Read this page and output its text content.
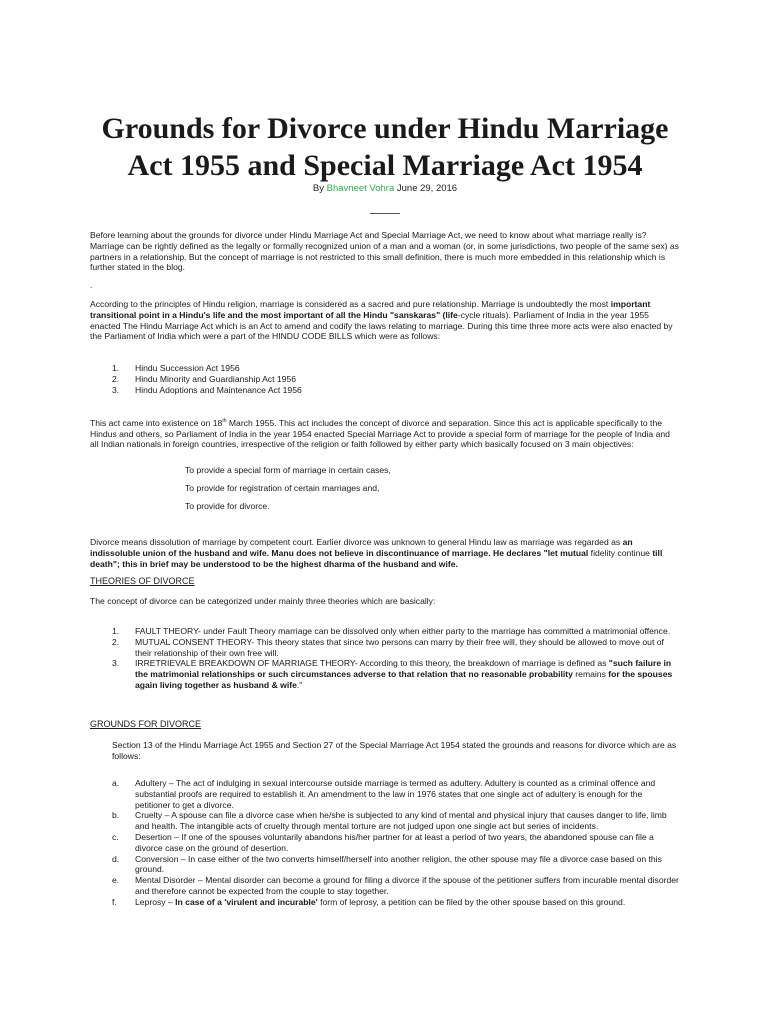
Grounds for Divorce under Hindu Marriage Act 1955 and Special Marriage Act 1954
By Bhavneet Vohra June 29, 2016

Before learning about the grounds for divorce under Hindu Marriage Act and Special Marriage Act, we need to know about what marriage really is? Marriage can be rightly defined as the legally or formally recognized union of a man and a woman (or, in some jurisdictions, two people of the same sex) as partners in a relationship. But the concept of marriage is not restricted to this small definition, there is much more embedded in this relationship which is further stated in the blog.

.

According to the principles of Hindu religion, marriage is considered as a sacred and pure relationship. Marriage is undoubtedly the most important transitional point in a Hindu's life and the most important of all the Hindu "sanskaras" (life-cycle rituals). Parliament of India in the year 1955 enacted The Hindu Marriage Act which is an Act to amend and codify the laws relating to marriage. During this time three more acts were also enacted by the Parliament of India which were a part of the HINDU CODE BILLS which were as follows:

1. Hindu Succession Act 1956
2. Hindu Minority and Guardianship Act 1956
3. Hindu Adoptions and Maintenance Act 1956

This act came into existence on 18th March 1955. This act includes the concept of divorce and separation. Since this act is applicable specifically to the Hindus and others, so Parliament of India in the year 1954 enacted Special Marriage Act to provide a special form of marriage for the people of India and all Indian nationals in foreign countries, irrespective of the religion or faith followed by either party which basically focused on 3 main objectives:

To provide a special form of marriage in certain cases,
To provide for registration of certain marriages and,
To provide for divorce.

Divorce means dissolution of marriage by competent court. Earlier divorce was unknown to general Hindu law as marriage was regarded as an indissoluble union of the husband and wife. Manu does not believe in discontinuance of marriage. He declares "let mutual fidelity continue till death"; this in brief may be understood to be the highest dharma of the husband and wife.

THEORIES OF DIVORCE

The concept of divorce can be categorized under mainly three theories which are basically:

1. FAULT THEORY- under Fault Theory marriage can be dissolved only when either party to the marriage has committed a matrimonial offence.
2. MUTUAL CONSENT THEORY- This theory states that since two persons can marry by their free will, they should be allowed to move out of their relationship of their own free will.
3. IRRETRIEVALE BREAKDOWN OF MARRIAGE THEORY- According to this theory, the breakdown of marriage is defined as "such failure in the matrimonial relationships or such circumstances adverse to that relation that no reasonable probability remains for the spouses again living together as husband & wife."

GROUNDS FOR DIVORCE

Section 13 of the Hindu Marriage Act 1955 and Section 27 of the Special Marriage Act 1954 stated the grounds and reasons for divorce which are as follows:

a. Adultery – The act of indulging in sexual intercourse outside marriage is termed as adultery. Adultery is counted as a criminal offence and substantial proofs are required to establish it. An amendment to the law in 1976 states that one single act of adultery is enough for the petitioner to get a divorce.
b. Cruelty – A spouse can file a divorce case when he/she is subjected to any kind of mental and physical injury that causes danger to life, limb and health. The intangible acts of cruelty through mental torture are not judged upon one single act but series of incidents.
c. Desertion – If one of the spouses voluntarily abandons his/her partner for at least a period of two years, the abandoned spouse can file a divorce case on the ground of desertion.
d. Conversion – In case either of the two converts himself/herself into another religion, the other spouse may file a divorce case based on this ground.
e. Mental Disorder – Mental disorder can become a ground for filing a divorce if the spouse of the petitioner suffers from incurable mental disorder and therefore cannot be expected from the couple to stay together.
f. Leprosy – In case of a 'virulent and incurable' form of leprosy, a petition can be filed by the other spouse based on this ground.
